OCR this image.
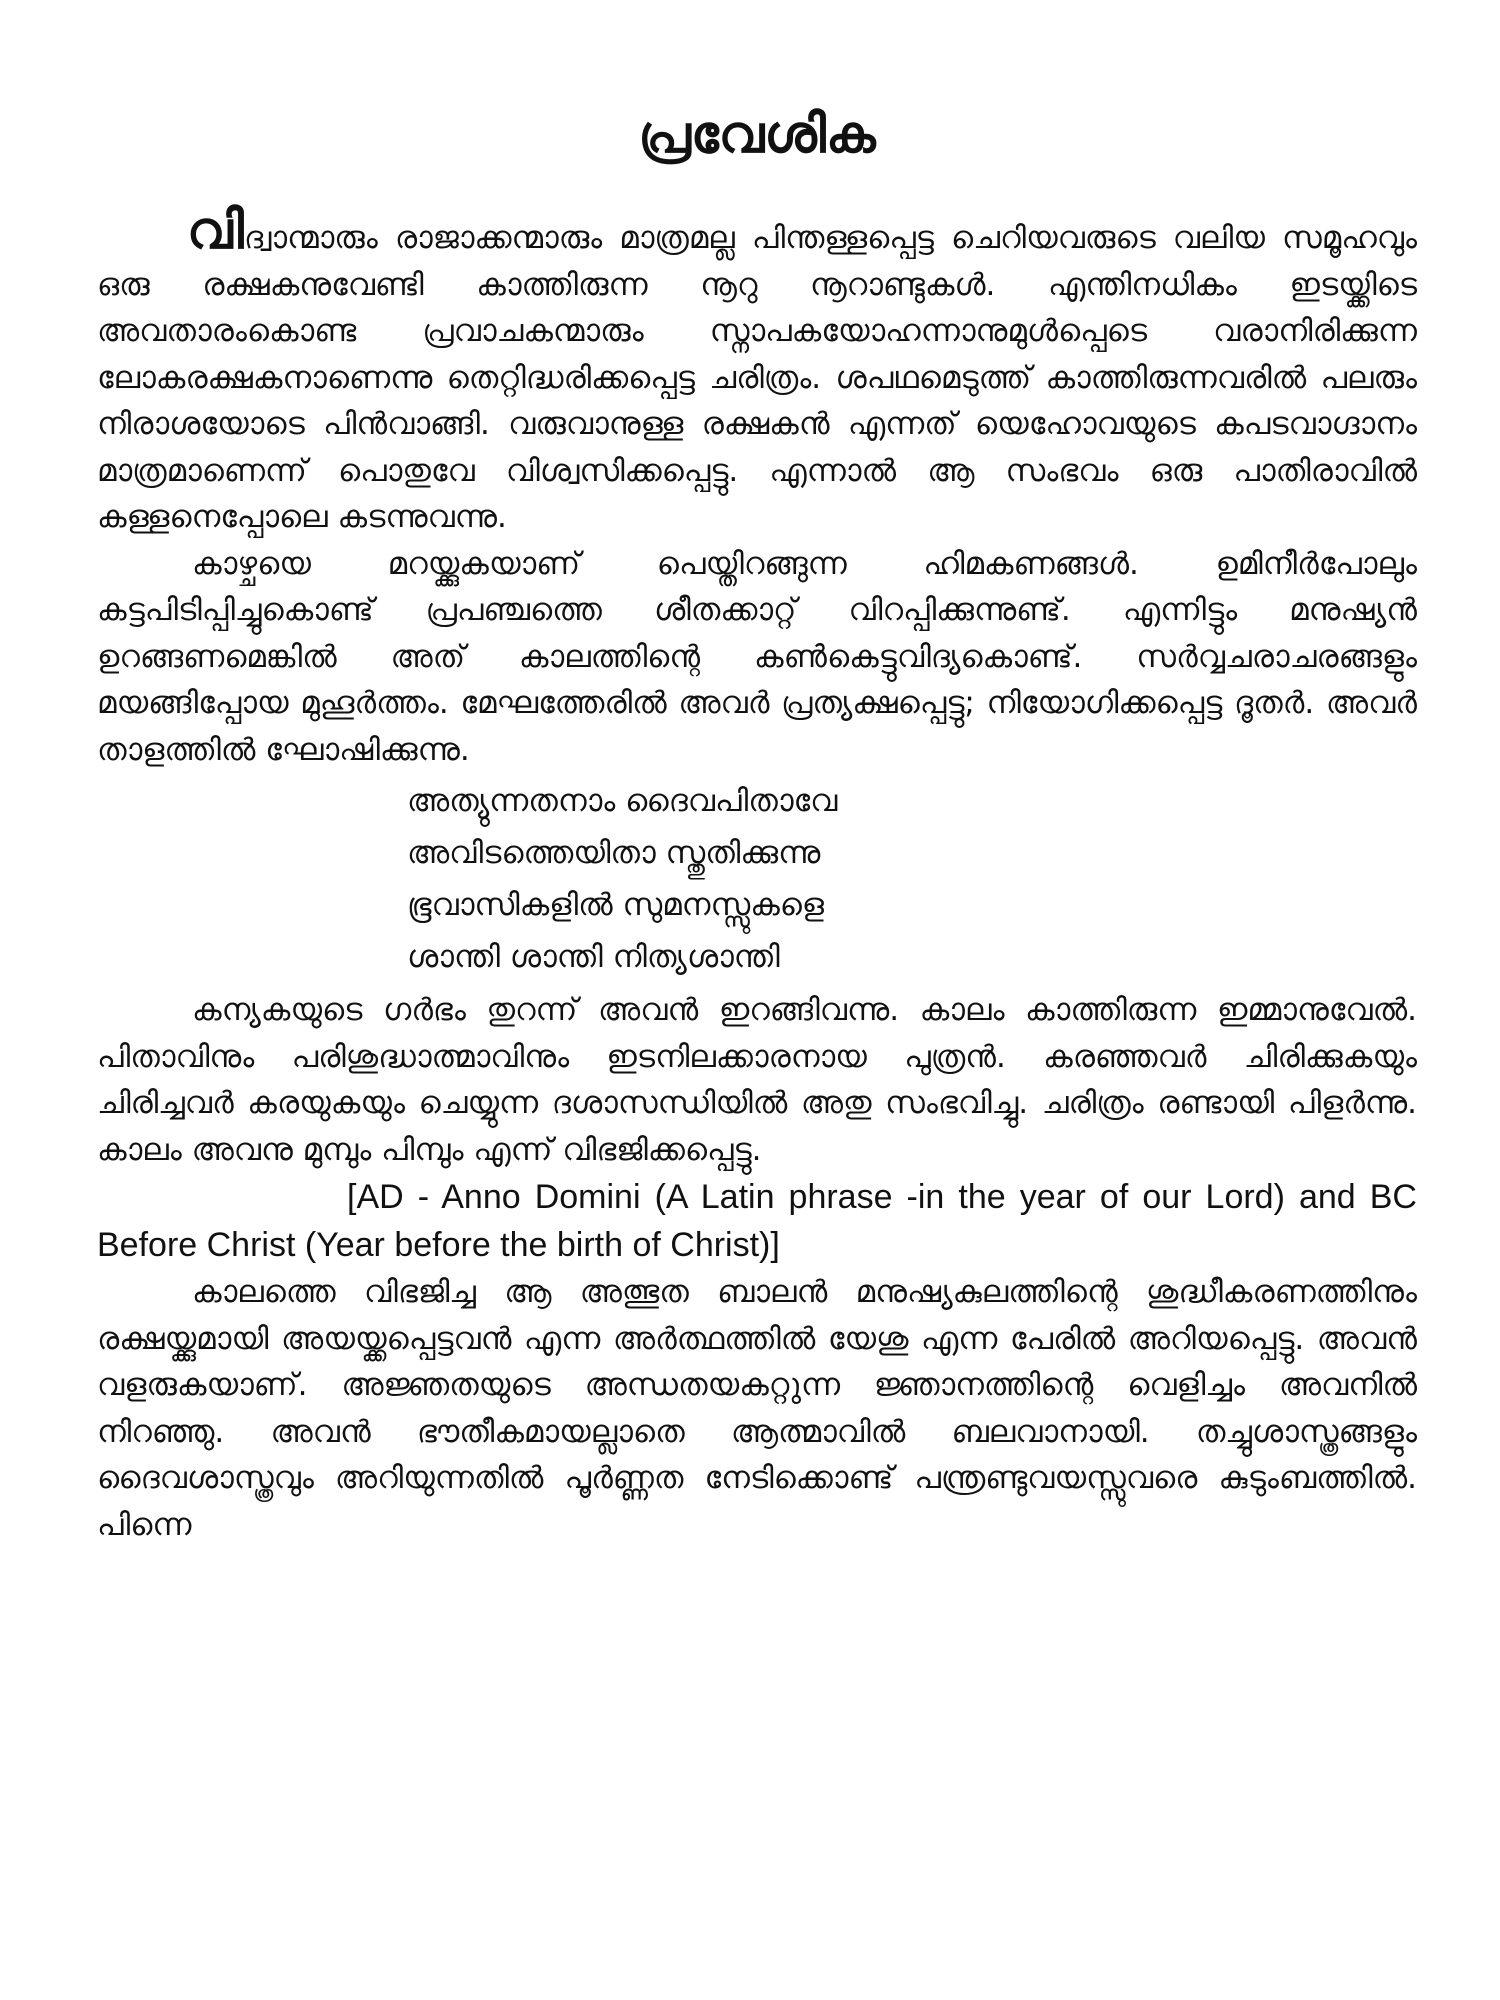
പ്രവേശിക

വിദ്വാന്മാരും രാജാക്കന്മാരും മാത്രമല്ല പിന്തള്ളപ്പെട്ട ചെറിയവരുടെ വലിയ സമൂഹവും ഒരു രക്ഷകനുവേണ്ടി കാത്തിരുന്ന നൂറു നൂറാണ്ടുകൾ. എന്തിനധികം ഇടയ്ക്കിടെ അവതാരംകൊണ്ട പ്രവാചകന്മാരും സ്നാപകയോഹന്നാനുമുൾപ്പെടെ വരാനിരിക്കുന്ന ലോകരക്ഷകനാണെന്നു തെറ്റിദ്ധരിക്കപ്പെട്ട ചരിത്രം. ശപഥമെടുത്ത് കാത്തിരുന്നവരിൽ പലരും നിരാശയോടെ പിൻവാങ്ങി. വരുവാനുള്ള രക്ഷകൻ എന്നത് യെഹോവയുടെ കപടവാഗ്ദാനം മാത്രമാണെന്ന് പൊതുവേ വിശ്വസിക്കപ്പെട്ടു. എന്നാൽ ആ സംഭവം ഒരു പാതിരാവിൽ കള്ളനെപ്പോലെ കടന്നുവന്നു.

കാഴ്ചയെ മറയ്ക്കുകയാണ് പെയ്തിറങ്ങുന്ന ഹിമകണങ്ങൾ. ഉമിനീർപോലും കട്ടപിടിപ്പിച്ചുകൊണ്ട് പ്രപഞ്ചത്തെ ശീതക്കാറ്റ് വിറപ്പിക്കുന്നുണ്ട്. എന്നിട്ടും മനുഷ്യൻ ഉറങ്ങണമെങ്കിൽ അത് കാലത്തിന്റെ കൺകെട്ടുവിദ്യകൊണ്ട്. സർവ്വചരാചരങ്ങളും മയങ്ങിപ്പോയ മുഹൂർത്തം. മേഘത്തേരിൽ അവർ പ്രത്യക്ഷപ്പെട്ടു; നിയോഗിക്കപ്പെട്ട ദൂതർ. അവർ താളത്തിൽ ഘോഷിക്കുന്നു.

അത്യുന്നതനാം ദൈവപിതാവേ
അവിടത്തെയിതാ സ്തുതിക്കുന്നു
ഭൂവാസികളിൽ സുമനസ്സുകളെ
ശാന്തി ശാന്തി നിത്യശാന്തി

കന്യകയുടെ ഗർഭം തുറന്ന് അവൻ ഇറങ്ങിവന്നു. കാലം കാത്തിരുന്ന ഇമ്മാനുവേൽ. പിതാവിനും പരിശുദ്ധാത്മാവിനും ഇടനിലക്കാരനായ പുത്രൻ. കരഞ്ഞവർ ചിരിക്കുകയും ചിരിച്ചവർ കരയുകയും ചെയ്യുന്ന ദശാസന്ധിയിൽ അതു സംഭവിച്ചു. ചരിത്രം രണ്ടായി പിളർന്നു. കാലം അവനു മുമ്പും പിമ്പും എന്ന് വിഭജിക്കപ്പെട്ടു.

[AD - Anno Domini (A Latin phrase -in the year of our Lord) and BC Before Christ (Year before the birth of Christ)]

കാലത്തെ വിഭജിച്ച ആ അത്ഭുത ബാലൻ മനുഷ്യകുലത്തിന്റെ ശുദ്ധീകരണത്തിനും രക്ഷയ്ക്കുമായി അയയ്ക്കപ്പെട്ടവൻ എന്ന അർത്ഥത്തിൽ യേശു എന്ന പേരിൽ അറിയപ്പെട്ടു. അവൻ വളരുകയാണ്. അജ്ഞതയുടെ അന്ധതയകറ്റുന്ന ജ്ഞാനത്തിന്റെ വെളിച്ചം അവനിൽ നിറഞ്ഞു. അവൻ ഭൗതീകമായല്ലാതെ ആത്മാവിൽ ബലവാനായി. തച്ചുശാസ്ത്രങ്ങളും ദൈവശാസ്ത്രവും അറിയുന്നതിൽ പൂർണ്ണത നേടിക്കൊണ്ട് പന്ത്രണ്ടുവയസ്സുവരെ കുടുംബത്തിൽ. പിന്നെ
